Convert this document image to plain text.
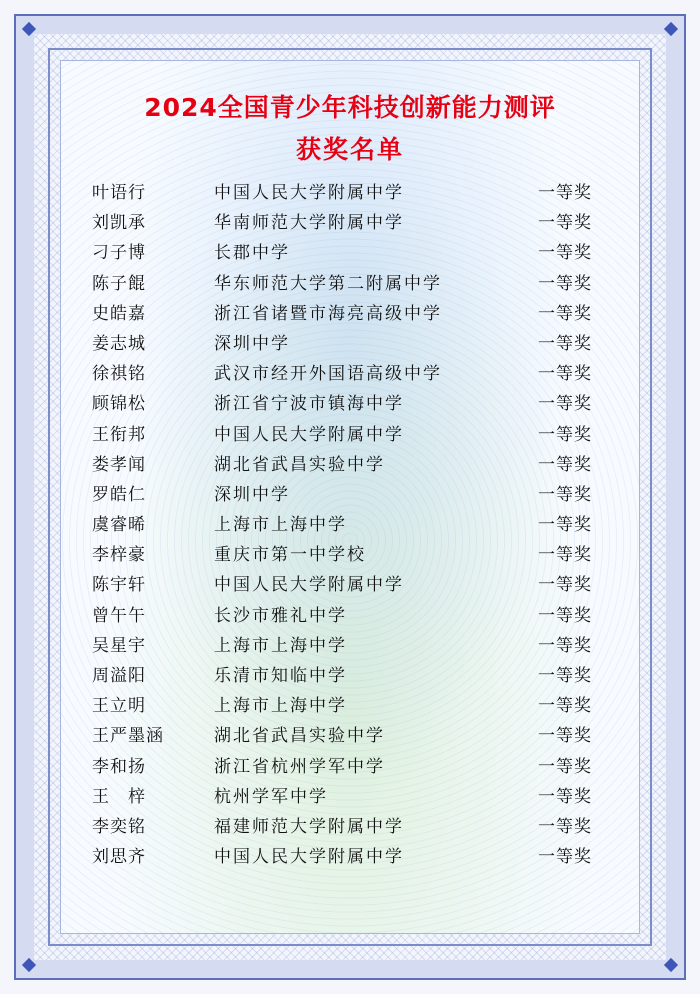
2024全国青少年科技创新能力测评
获奖名单
叶语行	中国人民大学附属中学	一等奖
刘凯承	华南师范大学附属中学	一等奖
刁子博	长郡中学	一等奖
陈子餛	华东师范大学第二附属中学	一等奖
史皓嘉	浙江省诸暨市海亮高级中学	一等奖
姜志城	深圳中学	一等奖
徐祺铭	武汉市经开外国语高级中学	一等奖
顾锦松	浙江省宁波市镇海中学	一等奖
王衔邦	中国人民大学附属中学	一等奖
娄孝闻	湖北省武昌实验中学	一等奖
罗皓仁	深圳中学	一等奖
虞睿晞	上海市上海中学	一等奖
李梓豪	重庆市第一中学校	一等奖
陈宇轩	中国人民大学附属中学	一等奖
曾午午	长沙市雅礼中学	一等奖
吴星宇	上海市上海中学	一等奖
周溢阳	乐清市知临中学	一等奖
王立明	上海市上海中学	一等奖
王严墨涵	湖北省武昌实验中学	一等奖
李和扬	浙江省杭州学军中学	一等奖
王　梓	杭州学军中学	一等奖
李奕铭	福建师范大学附属中学	一等奖
刘思齐	中国人民大学附属中学	一等奖
